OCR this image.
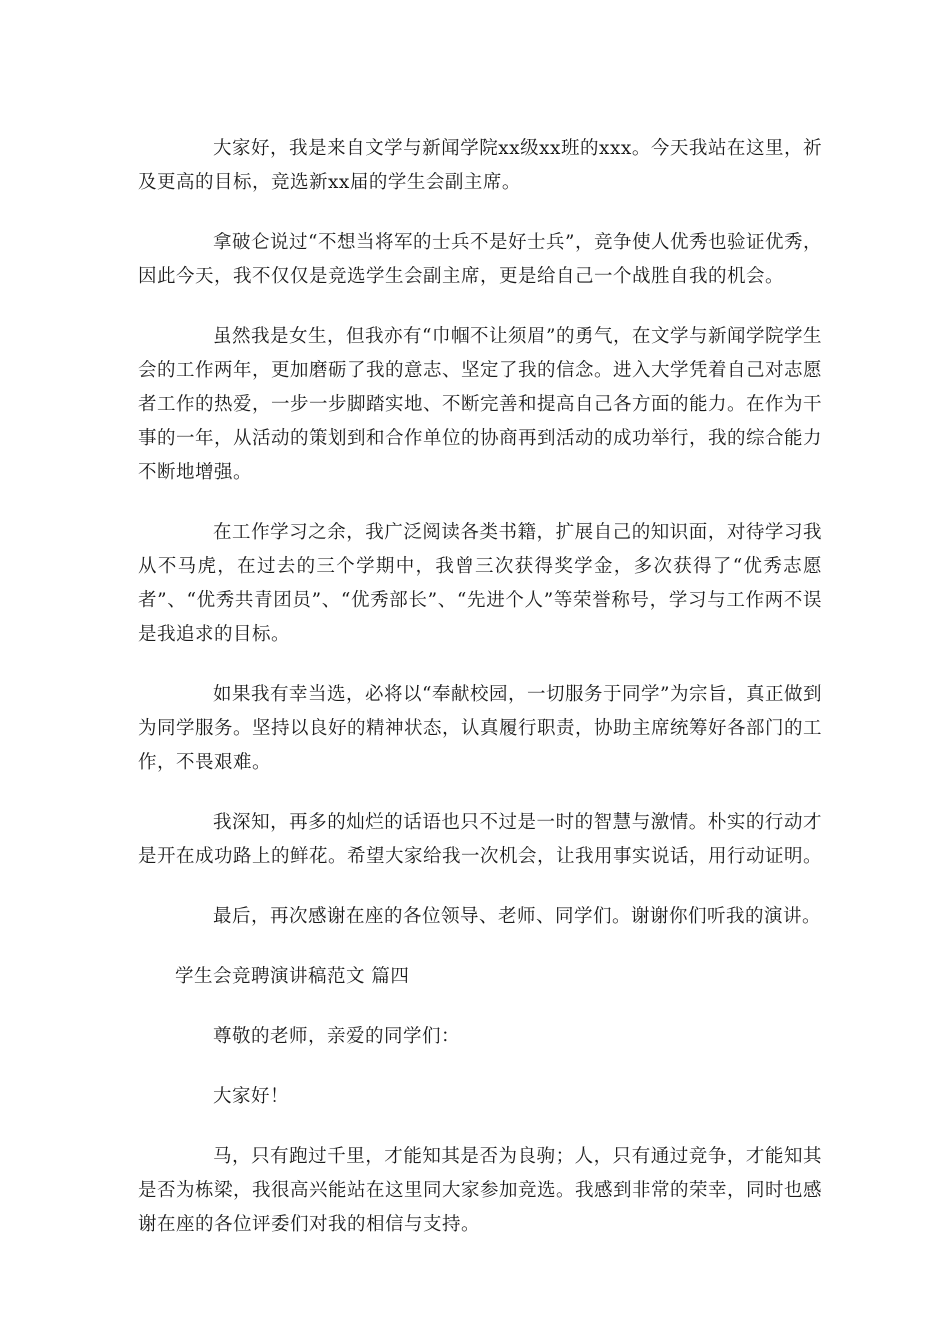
大家好，我是来自文学与新闻学院xx级xx班的xxx。今天我站在这里，祈及更高的目标，竞选新xx届的学生会副主席。

拿破仑说过“不想当将军的士兵不是好士兵”，竞争使人优秀也验证优秀，因此今天，我不仅仅是竞选学生会副主席，更是给自己一个战胜自我的机会。

虽然我是女生，但我亦有“巾帼不让须眉”的勇气，在文学与新闻学院学生会的工作两年，更加磨砺了我的意志、坚定了我的信念。进入大学凭着自己对志愿者工作的热爱，一步一步脚踏实地、不断完善和提高自己各方面的能力。在作为干事的一年，从活动的策划到和合作单位的协商再到活动的成功举行，我的综合能力不断地增强。

在工作学习之余，我广泛阅读各类书籍，扩展自己的知识面，对待学习我从不马虎，在过去的三个学期中，我曾三次获得奖学金，多次获得了“优秀志愿者”、“优秀共青团员”、“优秀部长”、“先进个人”等荣誉称号，学习与工作两不误是我追求的目标。

如果我有幸当选，必将以“奉献校园，一切服务于同学”为宗旨，真正做到为同学服务。坚持以良好的精神状态，认真履行职责，协助主席统筹好各部门的工作，不畏艰难。

我深知，再多的灿烂的话语也只不过是一时的智慧与激情。朴实的行动才是开在成功路上的鲜花。希望大家给我一次机会，让我用事实说话，用行动证明。

最后，再次感谢在座的各位领导、老师、同学们。谢谢你们听我的演讲。

学生会竞聘演讲稿范文 篇四

尊敬的老师，亲爱的同学们：

大家好！

马，只有跑过千里，才能知其是否为良驹；人，只有通过竞争，才能知其是否为栋梁，我很高兴能站在这里同大家参加竞选。我感到非常的荣幸，同时也感谢在座的各位评委们对我的相信与支持。
